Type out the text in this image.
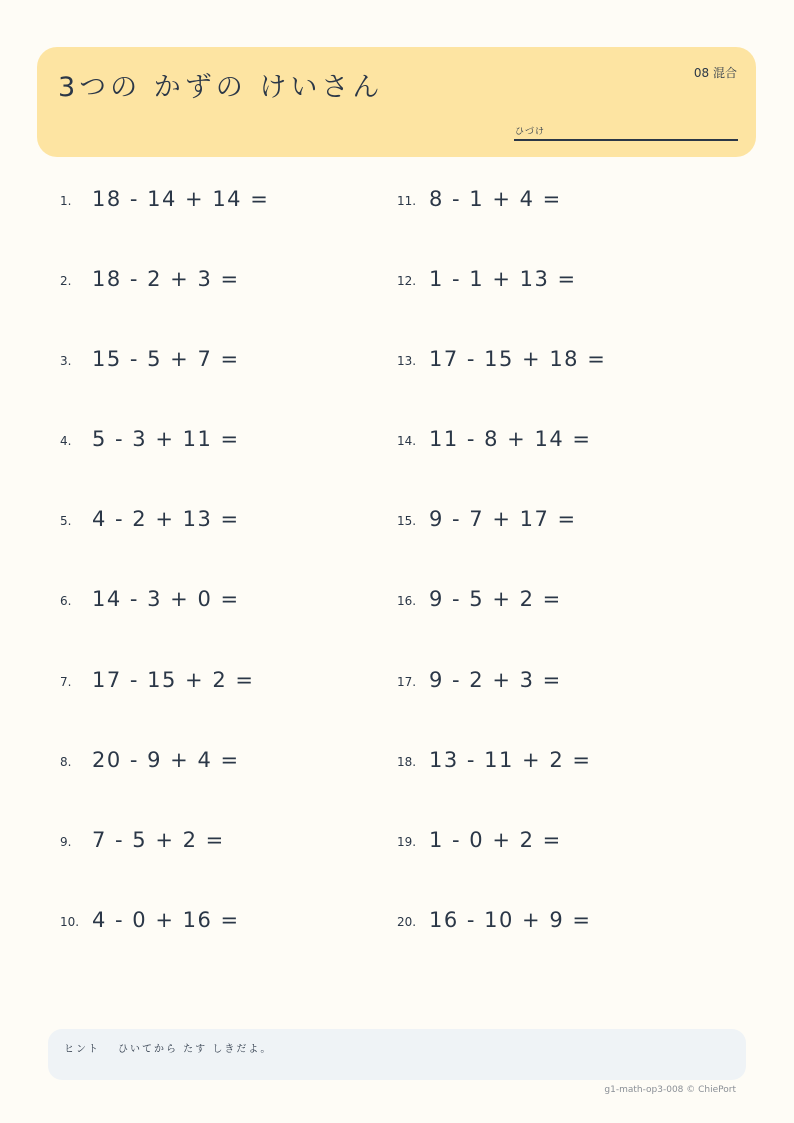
3つの かずの けいさん	08 混合
ひづけ
1. 18 - 14 + 14 =
2. 18 - 2 + 3 =
3. 15 - 5 + 7 =
4. 5 - 3 + 11 =
5. 4 - 2 + 13 =
6. 14 - 3 + 0 =
7. 17 - 15 + 2 =
8. 20 - 9 + 4 =
9. 7 - 5 + 2 =
10. 4 - 0 + 16 =
11. 8 - 1 + 4 =
12. 1 - 1 + 13 =
13. 17 - 15 + 18 =
14. 11 - 8 + 14 =
15. 9 - 7 + 17 =
16. 9 - 5 + 2 =
17. 9 - 2 + 3 =
18. 13 - 11 + 2 =
19. 1 - 0 + 2 =
20. 16 - 10 + 9 =
ヒント ひいてから たす しきだよ。
g1-math-op3-008 © ChiePort
